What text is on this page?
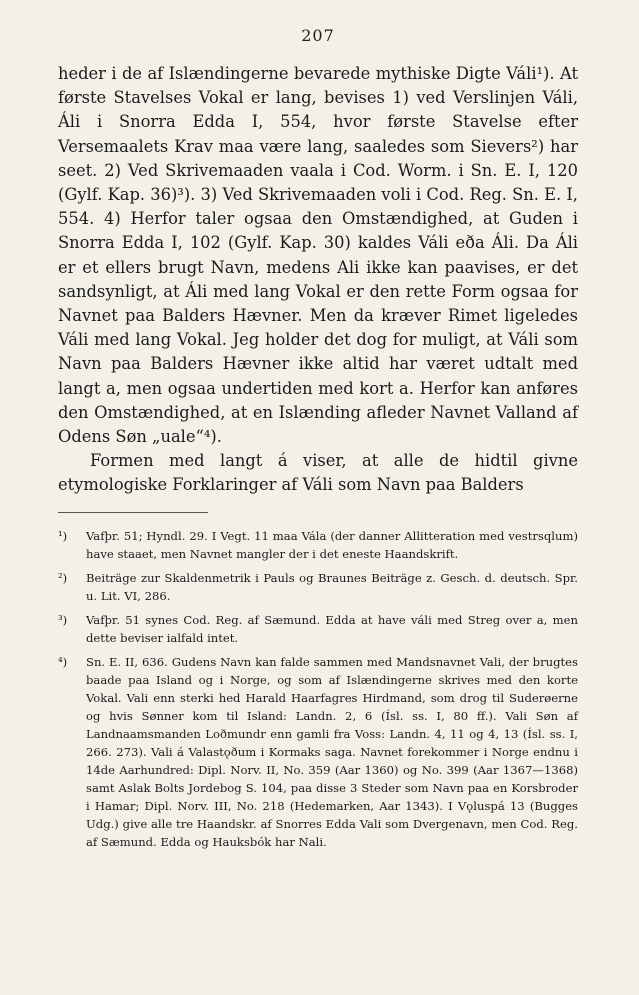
207

heder i de af Islændingerne bevarede mythiske Digte Váli¹). At første Stavelses Vokal er lang, bevises 1) ved Verslinjen Váli, Áli i Snorra Edda I, 554, hvor første Stavelse efter Versemaalets Krav maa være lang, saaledes som Sievers²) har seet. 2) Ved Skrivemaaden vaala i Cod. Worm. i Sn. E. I, 120 (Gylf. Kap. 36)³). 3) Ved Skrivemaaden voli i Cod. Reg. Sn. E. I, 554. 4) Herfor taler ogsaa den Omstændighed, at Guden i Snorra Edda I, 102 (Gylf. Kap. 30) kaldes Váli eða Áli. Da Áli er et ellers brugt Navn, medens Ali ikke kan paavises, er det sandsynligt, at Áli med lang Vokal er den rette Form ogsaa for Navnet paa Balders Hævner. Men da kræver Rimet ligeledes Váli med lang Vokal. Jeg holder det dog for muligt, at Váli som Navn paa Balders Hævner ikke altid har været udtalt med langt a, men ogsaa undertiden med kort a. Herfor kan anføres den Omstændighed, at en Islænding afleder Navnet Valland af Odens Søn „uale“⁴).

Formen med langt á viser, at alle de hidtil givne etymologiske Forklaringer af Váli som Navn paa Balders

¹)	Vafþr. 51; Hyndl. 29. I Vegt. 11 maa Vála (der danner Allitteration med vestrsqlum) have staaet, men Navnet mangler der i det eneste Haandskrift.
²)	Beiträge zur Skaldenmetrik i Pauls og Braunes Beiträge z. Gesch. d. deutsch. Spr. u. Lit. VI, 286.
³)	Vafþr. 51 synes Cod. Reg. af Sæmund. Edda at have váli med Streg over a, men dette beviser ialfald intet.
⁴)	Sn. E. II, 636. Gudens Navn kan falde sammen med Mandsnavnet Vali, der brugtes baade paa Island og i Norge, og som af Islændingerne skrives med den korte Vokal. Vali enn sterki hed Harald Haarfagres Hirdmand, som drog til Suderøerne og hvis Sønner kom til Island: Landn. 2, 6 (Ísl. ss. I, 80 ff.). Vali Søn af Landnaamsmanden Loðmundr enn gamli fra Voss: Landn. 4, 11 og 4, 13 (Ísl. ss. I, 266. 273). Vali á Valastǫðum i Kormaks saga. Navnet forekommer i Norge endnu i 14de Aarhundred: Dipl. Norv. II, No. 359 (Aar 1360) og No. 399 (Aar 1367—1368) samt Aslak Bolts Jordebog S. 104, paa disse 3 Steder som Navn paa en Korsbroder i Hamar; Dipl. Norv. III, No. 218 (Hedemarken, Aar 1343). I Vǫluspá 13 (Bugges Udg.) give alle tre Haandskr. af Snorres Edda Vali som Dvergenavn, men Cod. Reg. af Sæmund. Edda og Hauksbók har Nali.
